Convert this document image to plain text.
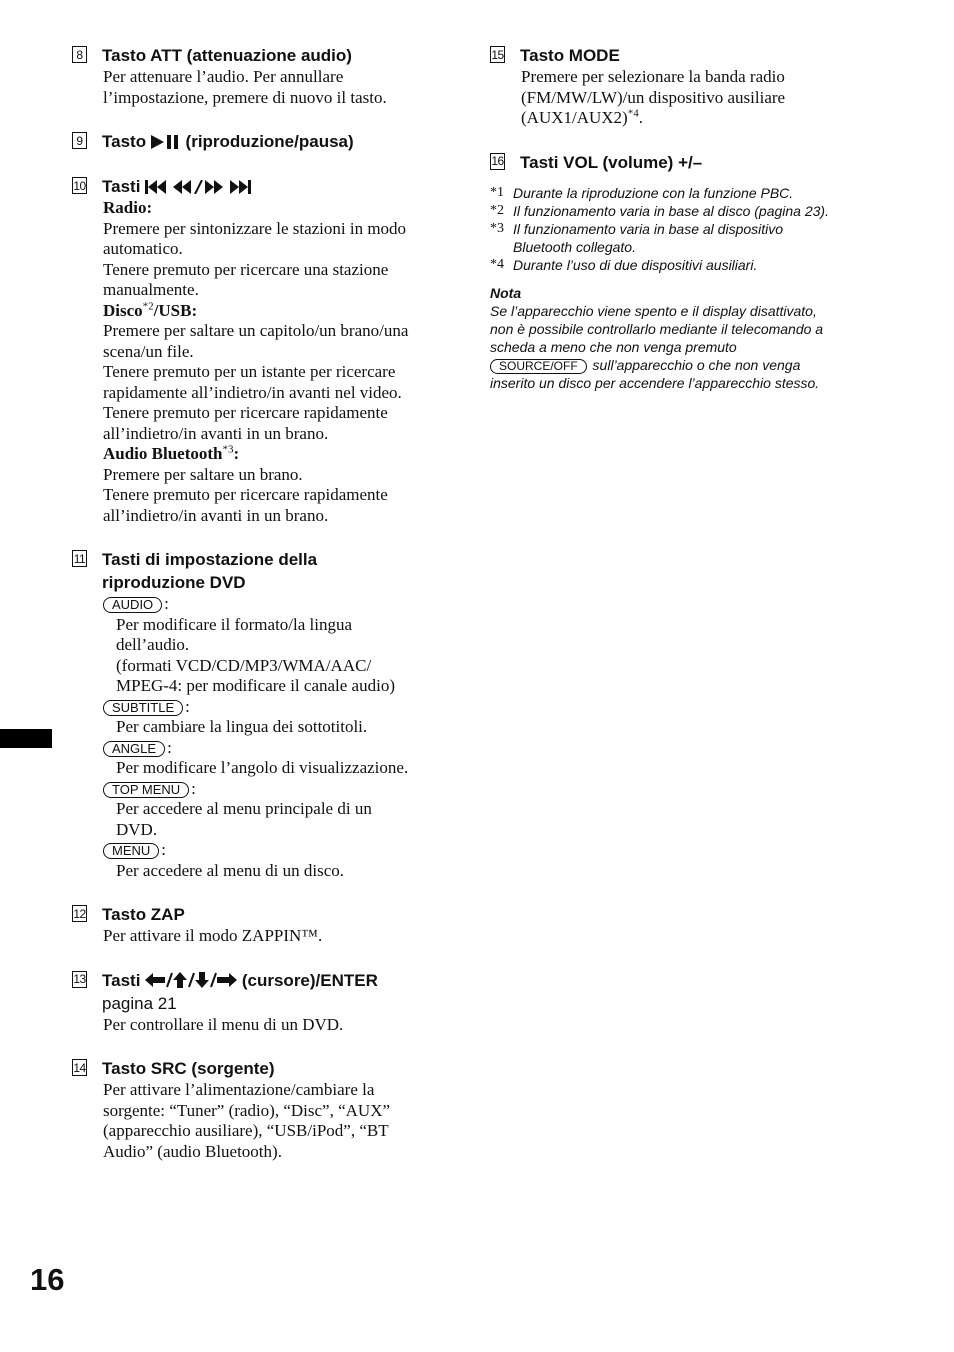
8 Tasto ATT (attenuazione audio)
Per attenuare l’audio. Per annullare
l’impostazione, premere di nuovo il tasto.
9 Tasto  (riproduzione/pausa)
10 Tasti
Radio:
Premere per sintonizzare le stazioni in modo
automatico.
Tenere premuto per ricercare una stazione
manualmente.
Disco$^{*2}$/USB:
Premere per saltare un capitolo/un brano/una
scena/un file.
Tenere premuto per un istante per ricercare
rapidamente all’indietro/in avanti nel video.
Tenere premuto per ricercare rapidamente
all’indietro/in avanti in un brano.
Audio Bluetooth$^{*3}$:
Premere per saltare un brano.
Tenere premuto per ricercare rapidamente
all’indietro/in avanti in un brano.
11 Tasti di impostazione della
riproduzione DVD
AUDIO :
Per modificare il formato/la lingua
dell’audio.
(formati VCD/CD/MP3/WMA/AAC/
MPEG-4: per modificare il canale audio)
SUBTITLE :
Per cambiare la lingua dei sottotitoli.
ANGLE :
Per modificare l’angolo di visualizzazione.
TOP MENU :
Per accedere al menu principale di un
DVD.
MENU :
Per accedere al menu di un disco.
12 Tasto ZAP
Per attivare il modo ZAPPIN™.
13 Tasti	(cursore)/ENTER
pagina 21
Per controllare il menu di un DVD.
14 Tasto SRC (sorgente)
Per attivare l’alimentazione/cambiare la
sorgente: “Tuner” (radio), “Disc”, “AUX”
(apparecchio ausiliare), “USB/iPod”, “BT
Audio” (audio Bluetooth).
15 Tasto MODE
Premere per selezionare la banda radio
(FM/MW/LW)/un dispositivo ausiliare
$(AUX1/AUX2)^{*4}$.
16 Tasti VOL (volume) +/–
*1 Durante la riproduzione con la funzione PBC.
*2 Il funzionamento varia in base al disco (pagina 23).
*3 Il funzionamento varia in base al dispositivo
Bluetooth collegato.
*4 Durante l’uso di due dispositivi ausiliari.
Nota
Se l’apparecchio viene spento e il display disattivato,
non è possibile controllarlo mediante il telecomando a
scheda a meno che non venga premuto
SOURCE/OFF sull’apparecchio o che non venga
inserito un disco per accendere l’apparecchio stesso.
16
